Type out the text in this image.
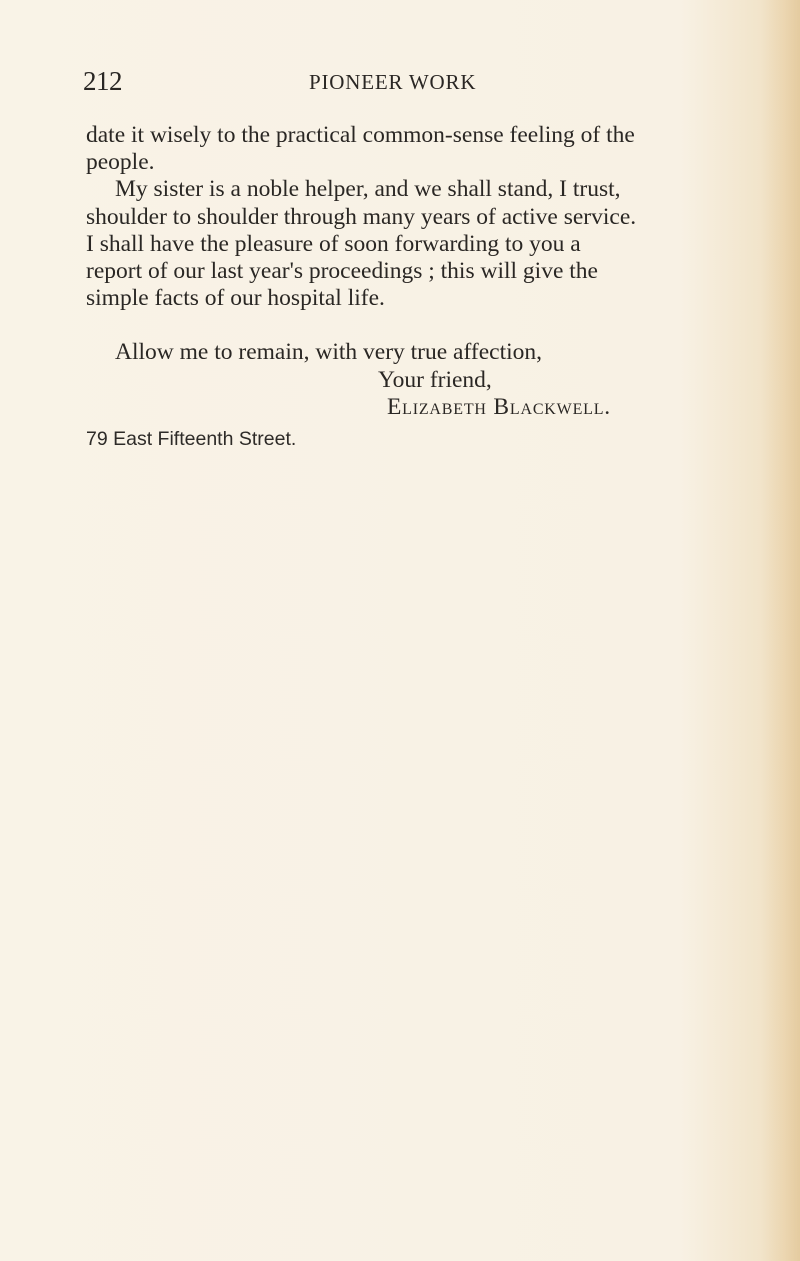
212	PIONEER WORK

date it wisely to the practical common-sense feeling of the
people.

My sister is a noble helper, and we shall stand, I trust,
shoulder to shoulder through many years of active service.
I shall have the pleasure of soon forwarding to you a
report of our last year's proceedings ; this will give the
simple facts of our hospital life.

Allow me to remain, with very true affection,
Your friend,
Elizabeth Blackwell.
79 East Fifteenth Street.
